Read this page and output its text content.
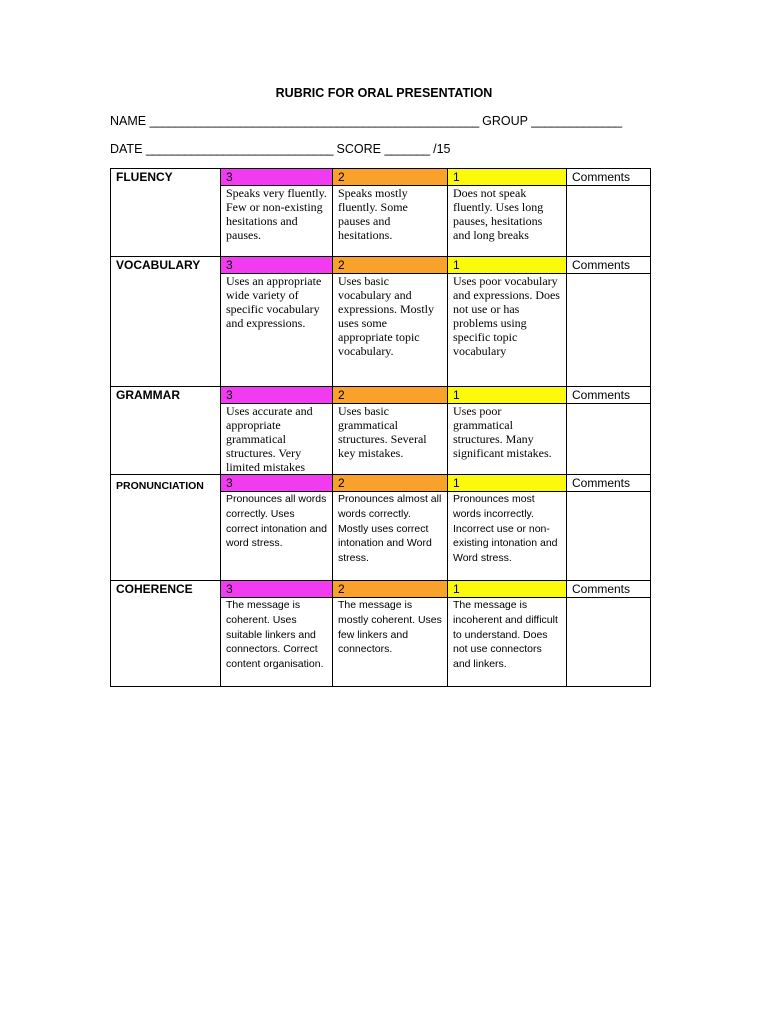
RUBRIC FOR ORAL PRESENTATION
NAME ___________________________________________________ GROUP ______________
DATE _____________________________ SCORE _______ /15
FLUENCY	3	2	1	Comments
	Speaks very fluently. Few or non-existing hesitations and pauses.	Speaks mostly fluently. Some pauses and hesitations.	Does not speak fluently. Uses long pauses, hesitations and long breaks	
VOCABULARY	3	2	1	Comments
	Uses an appropriate wide variety of specific vocabulary and expressions.	Uses basic vocabulary and expressions. Mostly uses some appropriate topic vocabulary.	Uses poor vocabulary and expressions. Does not use or has problems using specific topic vocabulary	
GRAMMAR	3	2	1	Comments
	Uses accurate and appropriate grammatical structures. Very limited mistakes	Uses basic grammatical structures. Several key mistakes.	Uses poor grammatical structures. Many significant mistakes.	
PRONUNCIATION	3	2	1	Comments
	Pronounces all words correctly. Uses correct intonation and word stress.	Pronounces almost all words correctly. Mostly uses correct intonation and Word stress.	Pronounces most words incorrectly. Incorrect use or non-existing intonation and Word stress.	
COHERENCE	3	2	1	Comments
	The message is coherent. Uses suitable linkers and connectors. Correct content organisation.	The message is mostly coherent. Uses few linkers and connectors.	The message is incoherent and difficult to understand. Does not use connectors and linkers.	
